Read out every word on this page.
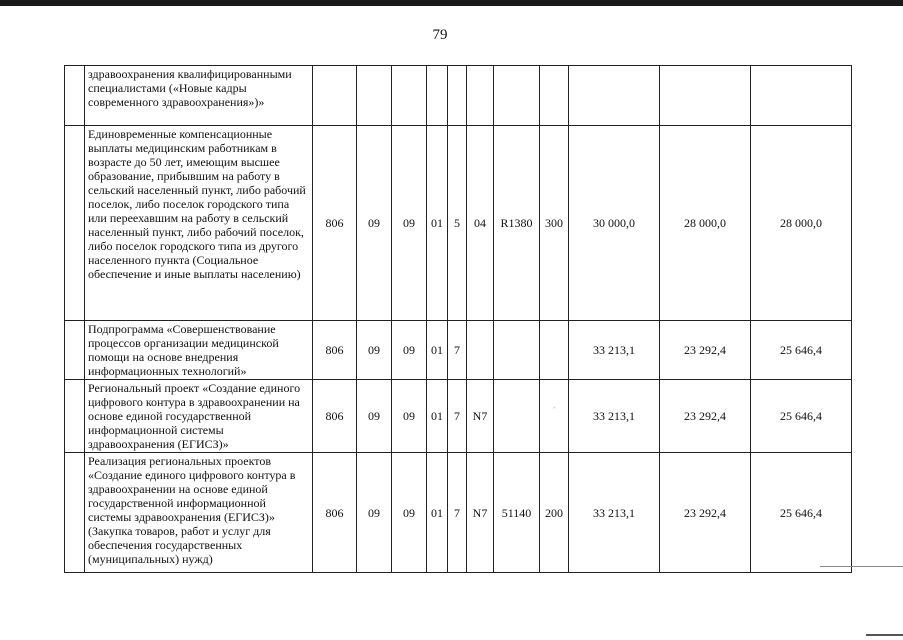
79
	здравоохранения квалифицированными специалистами («Новые кадры современного здравоохранения»)»											
	Единовременные компенсационные выплаты медицинским работникам в возрасте до 50 лет, имеющим высшее образование, прибывшим на работу в сельский населенный пункт, либо рабочий поселок, либо поселок городского типа или переехавшим на работу в сельский населенный пункт, либо рабочий поселок, либо поселок городского типа из другого населенного пункта (Социальное обеспечение и иные выплаты населению)	806	09	09	01	5	04	R1380	300	30 000,0	28 000,0	28 000,0
	Подпрограмма «Совершенствование процессов организации медицинской помощи на основе внедрения информационных технологий»	806	09	09	01	7				33 213,1	23 292,4	25 646,4
	Региональный проект «Создание единого цифрового контура в здравоохранении на основе единой государственной информационной системы здравоохранения (ЕГИСЗ)»	806	09	09	01	7	N7			33 213,1	23 292,4	25 646,4
	Реализация региональных проектов «Создание единого цифрового контура в здравоохранении на основе единой государственной информационной системы здравоохранения (ЕГИСЗ)» (Закупка товаров, работ и услуг для обеспечения государственных (муниципальных) нужд)	806	09	09	01	7	N7	51140	200	33 213,1	23 292,4	25 646,4
ˆ
